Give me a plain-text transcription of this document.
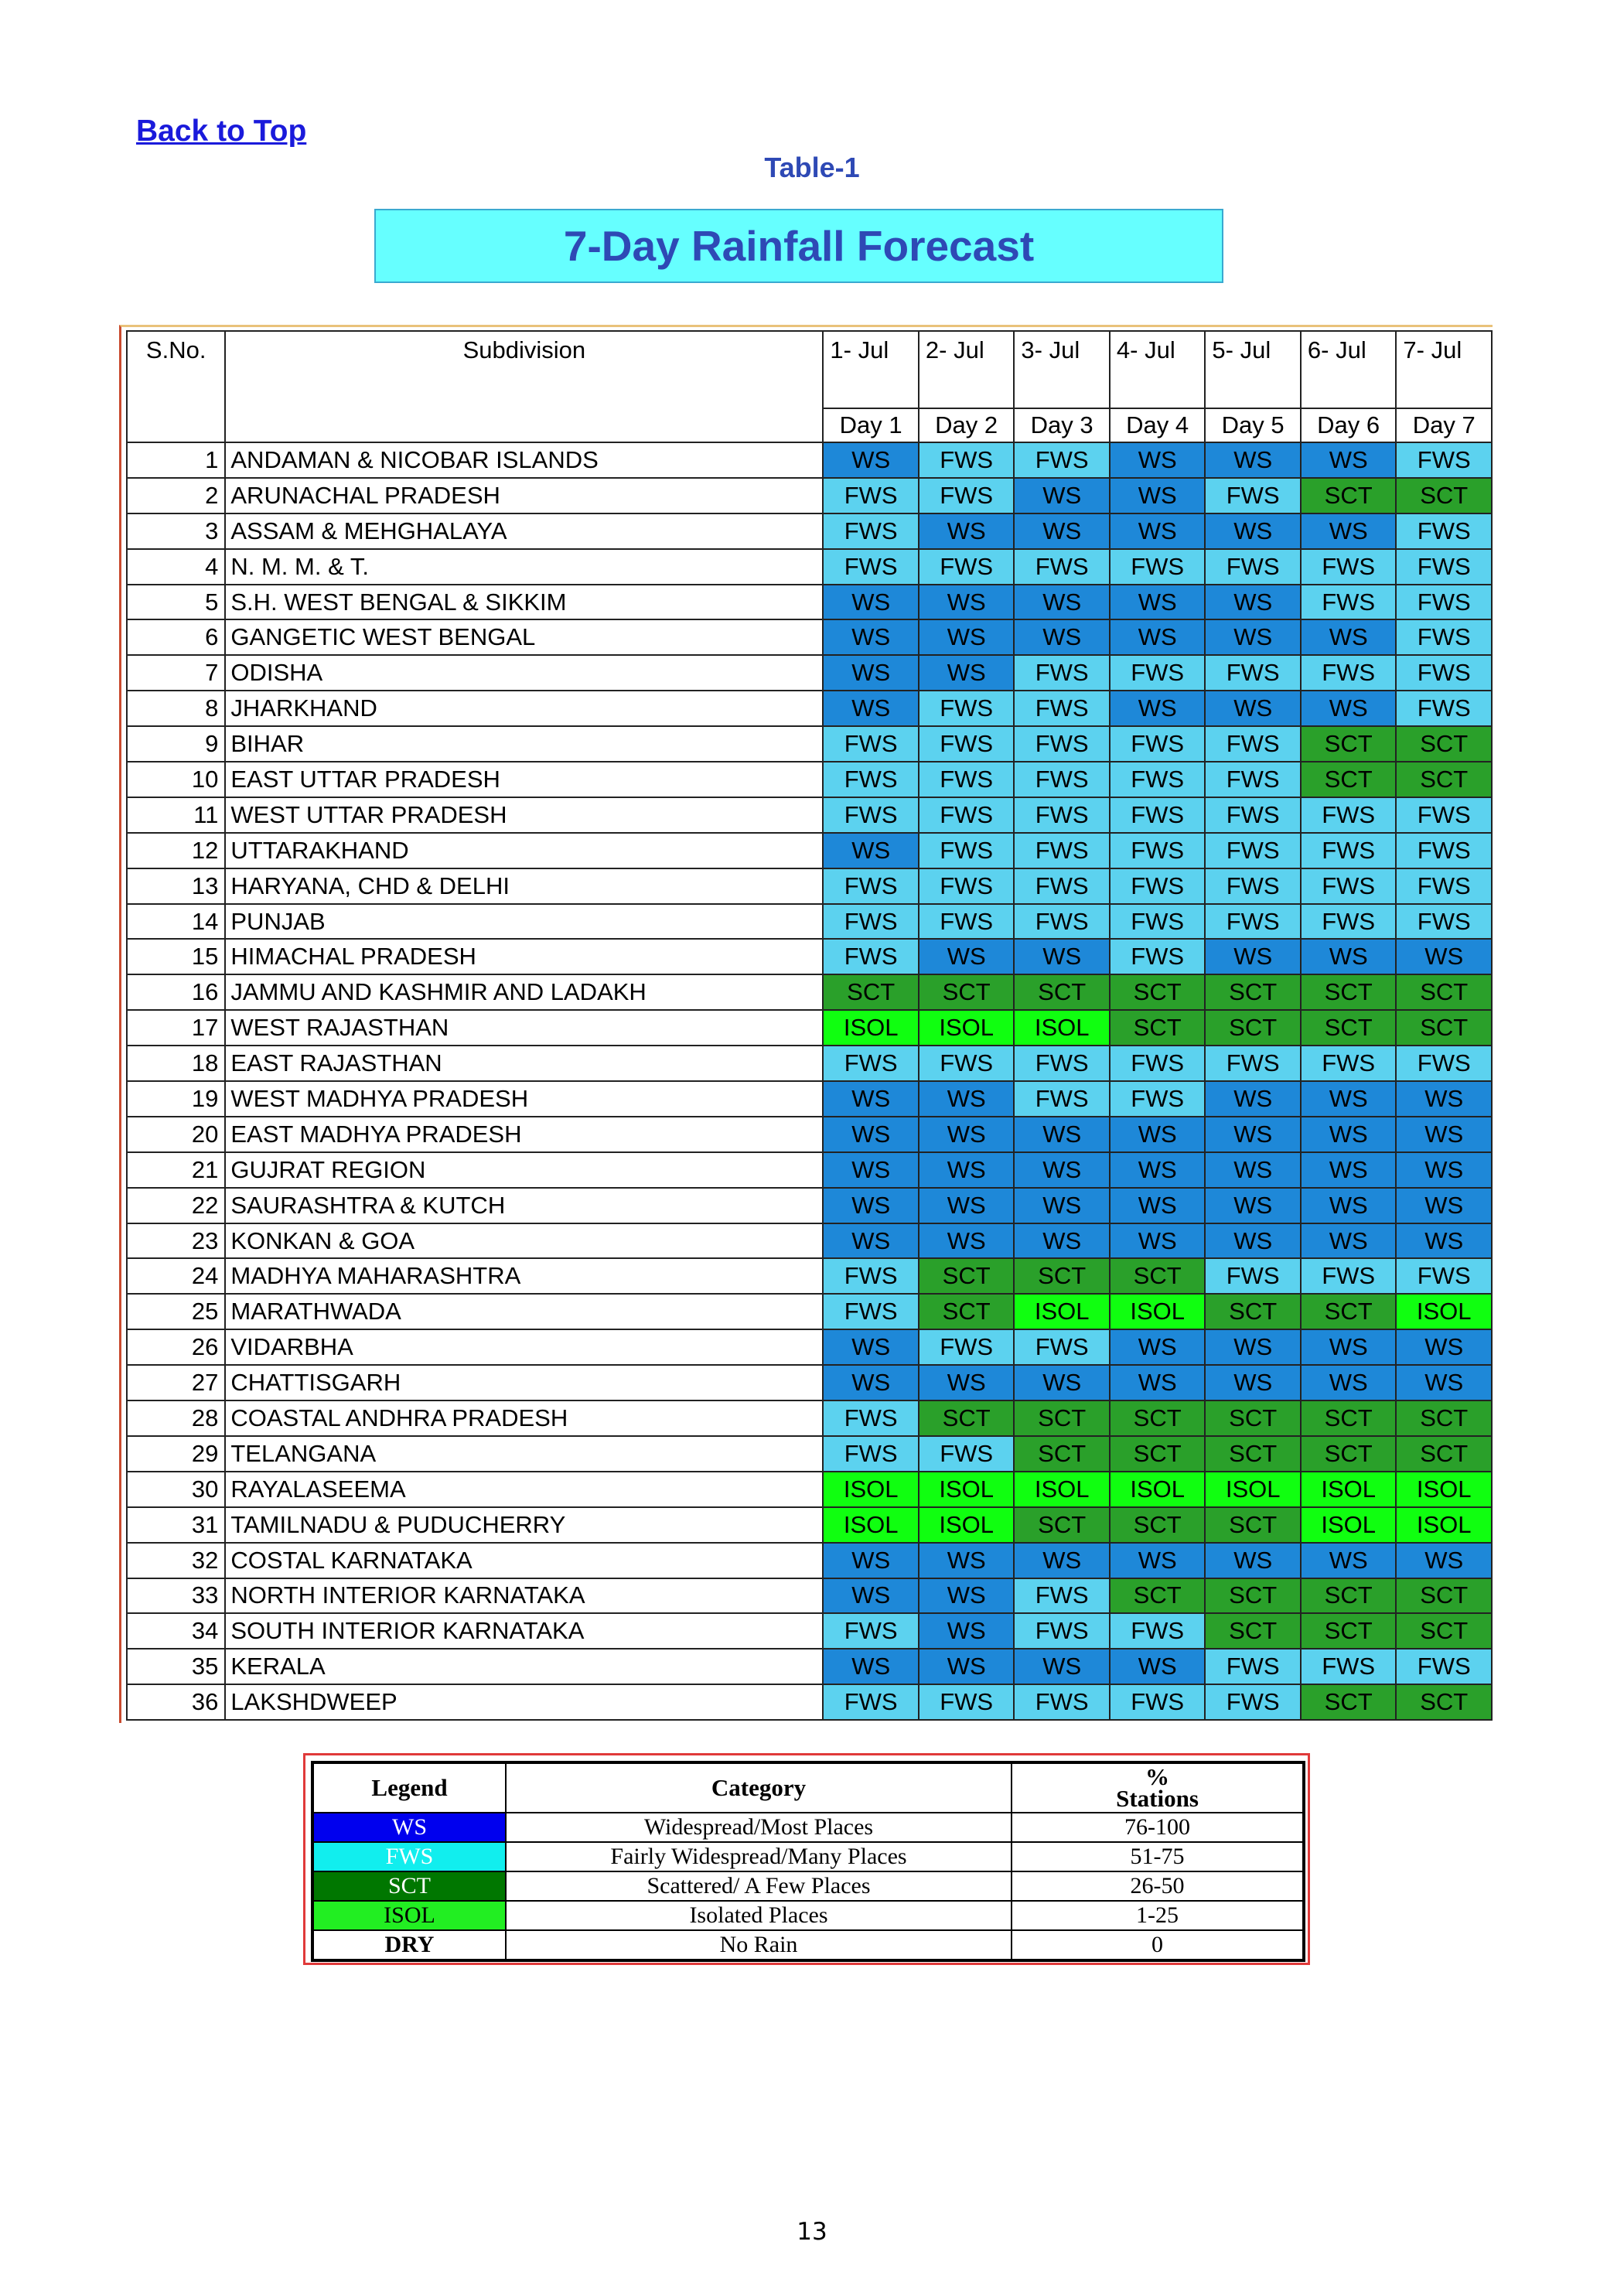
Back to Top
Table-1
7-Day Rainfall Forecast
S.No.	Subdivision	1- Jul	2- Jul	3- Jul	4- Jul	5- Jul	6- Jul	7- Jul
		Day 1	Day 2	Day 3	Day 4	Day 5	Day 6	Day 7
1	ANDAMAN & NICOBAR ISLANDS	WS	FWS	FWS	WS	WS	WS	FWS
2	ARUNACHAL PRADESH	FWS	FWS	WS	WS	FWS	SCT	SCT
3	ASSAM & MEHGHALAYA	FWS	WS	WS	WS	WS	WS	FWS
4	N. M. M. & T.	FWS	FWS	FWS	FWS	FWS	FWS	FWS
5	S.H. WEST BENGAL & SIKKIM	WS	WS	WS	WS	WS	FWS	FWS
6	GANGETIC WEST BENGAL	WS	WS	WS	WS	WS	WS	FWS
7	ODISHA	WS	WS	FWS	FWS	FWS	FWS	FWS
8	JHARKHAND	WS	FWS	FWS	WS	WS	WS	FWS
9	BIHAR	FWS	FWS	FWS	FWS	FWS	SCT	SCT
10	EAST UTTAR PRADESH	FWS	FWS	FWS	FWS	FWS	SCT	SCT
11	WEST UTTAR PRADESH	FWS	FWS	FWS	FWS	FWS	FWS	FWS
12	UTTARAKHAND	WS	FWS	FWS	FWS	FWS	FWS	FWS
13	HARYANA, CHD & DELHI	FWS	FWS	FWS	FWS	FWS	FWS	FWS
14	PUNJAB	FWS	FWS	FWS	FWS	FWS	FWS	FWS
15	HIMACHAL PRADESH	FWS	WS	WS	FWS	WS	WS	WS
16	JAMMU AND KASHMIR AND LADAKH	SCT	SCT	SCT	SCT	SCT	SCT	SCT
17	WEST RAJASTHAN	ISOL	ISOL	ISOL	SCT	SCT	SCT	SCT
18	EAST RAJASTHAN	FWS	FWS	FWS	FWS	FWS	FWS	FWS
19	WEST MADHYA PRADESH	WS	WS	FWS	FWS	WS	WS	WS
20	EAST MADHYA PRADESH	WS	WS	WS	WS	WS	WS	WS
21	GUJRAT REGION	WS	WS	WS	WS	WS	WS	WS
22	SAURASHTRA & KUTCH	WS	WS	WS	WS	WS	WS	WS
23	KONKAN & GOA	WS	WS	WS	WS	WS	WS	WS
24	MADHYA MAHARASHTRA	FWS	SCT	SCT	SCT	FWS	FWS	FWS
25	MARATHWADA	FWS	SCT	ISOL	ISOL	SCT	SCT	ISOL
26	VIDARBHA	WS	FWS	FWS	WS	WS	WS	WS
27	CHATTISGARH	WS	WS	WS	WS	WS	WS	WS
28	COASTAL ANDHRA PRADESH	FWS	SCT	SCT	SCT	SCT	SCT	SCT
29	TELANGANA	FWS	FWS	SCT	SCT	SCT	SCT	SCT
30	RAYALASEEMA	ISOL	ISOL	ISOL	ISOL	ISOL	ISOL	ISOL
31	TAMILNADU & PUDUCHERRY	ISOL	ISOL	SCT	SCT	SCT	ISOL	ISOL
32	COSTAL KARNATAKA	WS	WS	WS	WS	WS	WS	WS
33	NORTH INTERIOR KARNATAKA	WS	WS	FWS	SCT	SCT	SCT	SCT
34	SOUTH INTERIOR KARNATAKA	FWS	WS	FWS	FWS	SCT	SCT	SCT
35	KERALA	WS	WS	WS	WS	FWS	FWS	FWS
36	LAKSHDWEEP	FWS	FWS	FWS	FWS	FWS	SCT	SCT
Legend	Category	%
Stations
WS	Widespread/Most Places	76-100
FWS	Fairly Widespread/Many Places	51-75
SCT	Scattered/ A Few Places	26-50
ISOL	Isolated Places	1-25
DRY	No Rain	0
13
